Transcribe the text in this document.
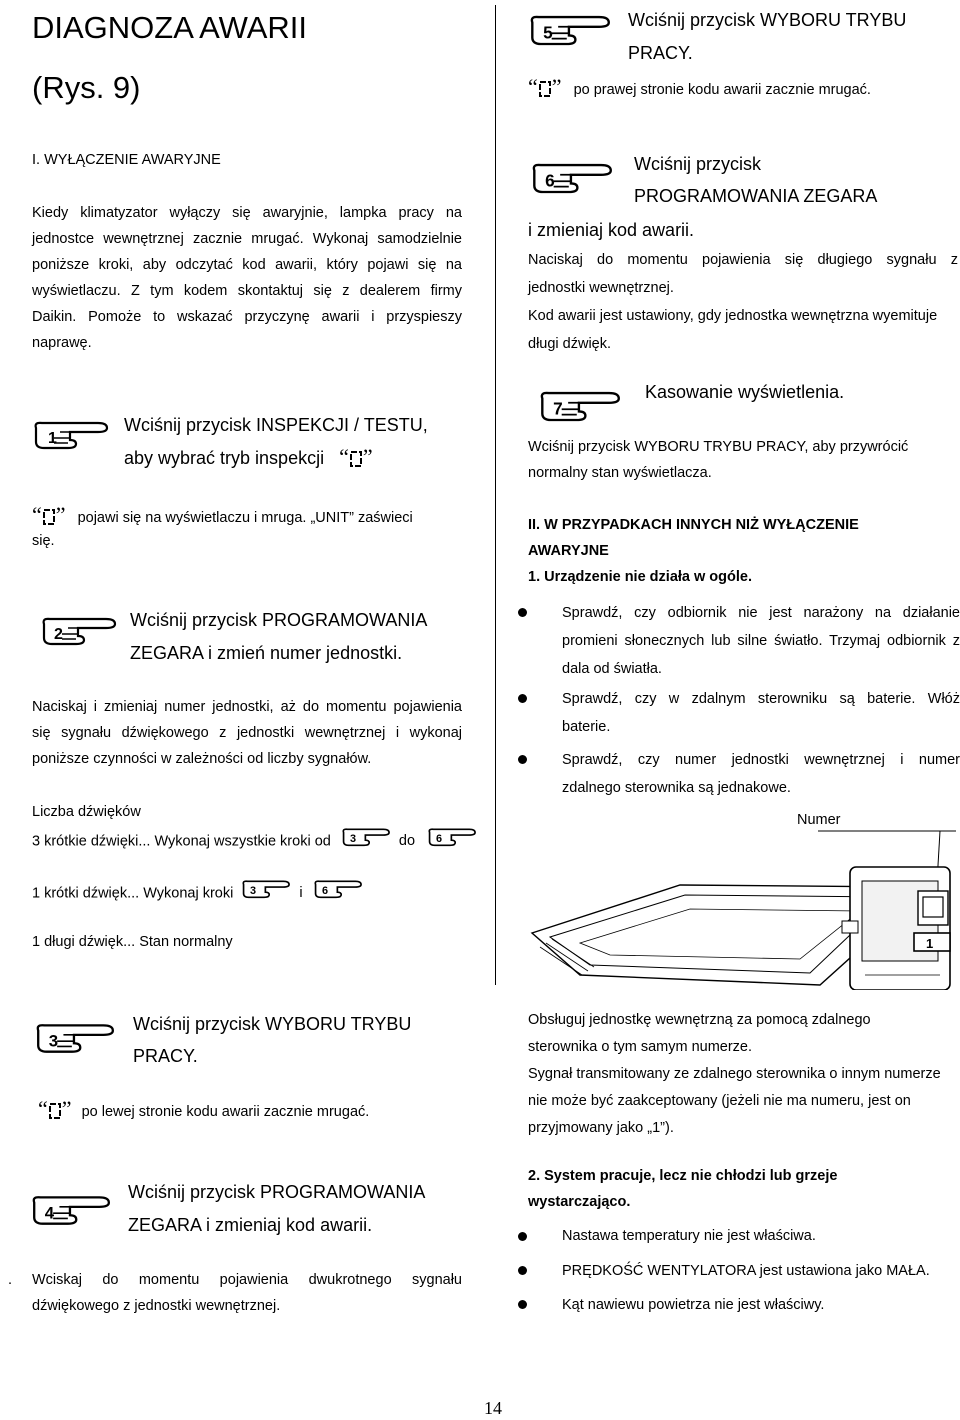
DIAGNOZA AWARII
(Rys. 9)
I. WYŁĄCZENIE AWARYJNE
Kiedy klimatyzator wyłączy się awaryjnie, lampka pracy na
jednostce wewnętrznej zacznie mrugać. Wykonaj samodzielnie
poniższe kroki, aby odczytać kod awarii, który pojawi się na
wyświetlaczu. Z tym kodem skontaktuj się z dealerem firmy
Daikin. Pomoże to wskazać przyczynę awarii i przyspieszy
naprawę.
1
Wciśnij przycisk INSPEKCJI / TESTU,
aby wybrać tryb inspekcji “ ”
“ ” pojawi się na wyświetlaczu i mruga. „UNIT” zaświeci
się.
2
Wciśnij przycisk PROGRAMOWANIA
ZEGARA i zmień numer jednostki.
Naciskaj i zmieniaj numer jednostki, aż do momentu pojawienia
się sygnału dźwiękowego z jednostki wewnętrznej i wykonaj
poniższe czynności w zależności od liczby sygnałów.
Liczba dźwięków
3 krótkie dźwięki... Wykonaj wszystkie kroki od 3	do 6
1 krótki dźwięk... Wykonaj kroki 3	i 6
1 długi dźwięk... Stan normalny
3
Wciśnij przycisk WYBORU TRYBU
PRACY.
“ ” po lewej stronie kodu awarii zacznie mrugać.
4
Wciśnij przycisk PROGRAMOWANIA
ZEGARA i zmieniaj kod awarii.
. Wciskaj do momentu pojawienia dwukrotnego sygnału
dźwiękowego z jednostki wewnętrznej.
5
Wciśnij przycisk WYBORU TRYBU
PRACY.
“ ” po prawej stronie kodu awarii zacznie mrugać.
6
Wciśnij przycisk
PROGRAMOWANIA ZEGARA
i zmieniaj kod awarii.
Naciskaj do momentu pojawienia się długiego sygnału z
jednostki wewnętrznej.
Kod awarii jest ustawiony, gdy jednostka wewnętrzna wyemituje
długi dźwięk.
7
Kasowanie wyświetlenia.
Wciśnij przycisk WYBORU TRYBU PRACY, aby przywrócić
normalny stan wyświetlacza.
II. W PRZYPADKACH INNYCH NIŻ WYŁĄCZENIE
AWARYJNE
1. Urządzenie nie działa w ogóle.
Sprawdź, czy odbiornik nie jest narażony na działanie
promieni słonecznych lub silne światło. Trzymaj odbiornik z
dala od światła.
Sprawdź, czy w zdalnym sterowniku są baterie. Włóż
baterie.
Sprawdź, czy numer jednostki wewnętrznej i numer
zdalnego sterownika są jednakowe.
Numer
1
Obsługuj jednostkę wewnętrzną za pomocą zdalnego
sterownika o tym samym numerze.
Sygnał transmitowany ze zdalnego sterownika o innym numerze
nie może być zaakceptowany (jeżeli nie ma numeru, jest on
przyjmowany jako „1”).
2. System pracuje, lecz nie chłodzi lub grzeje
wystarczająco.
Nastawa temperatury nie jest właściwa.
PRĘDKOŚĆ WENTYLATORA jest ustawiona jako MAŁA.
Kąt nawiewu powietrza nie jest właściwy.
14
